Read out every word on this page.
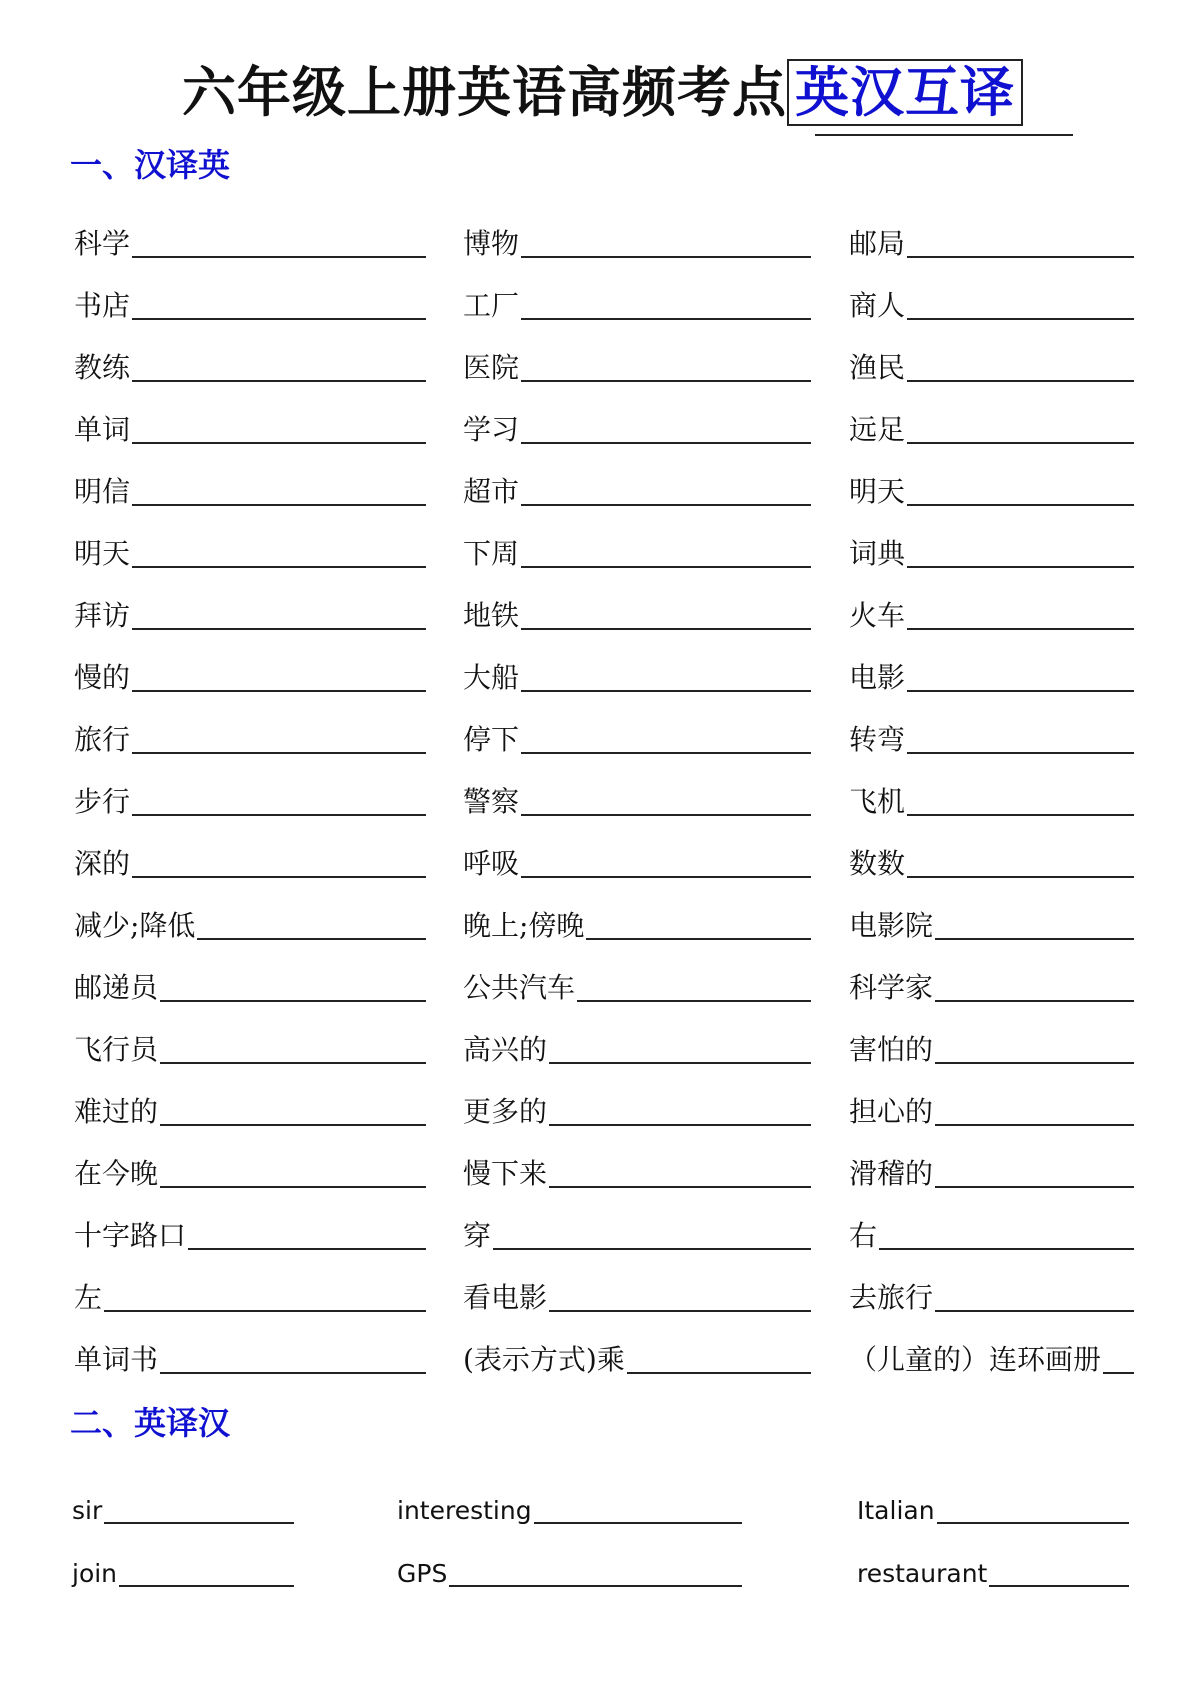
六年级上册英语高频考点 英汉互译
一、汉译英
科学	博物	邮局
书店	工厂	商人
教练	医院	渔民
单词	学习	远足
明信	超市	明天
明天	下周	词典
拜访	地铁	火车
慢的	大船	电影
旅行	停下	转弯
步行	警察	飞机
深的	呼吸	数数
减少;降低	晚上;傍晚	电影院
邮递员	公共汽车	科学家
飞行员	高兴的	害怕的
难过的	更多的	担心的
在今晚	慢下来	滑稽的
十字路口	穿	右
左	看电影	去旅行
单词书	(表示方式)乘	（儿童的）连环画册
二、英译汉
sir	interesting	Italian
join	GPS	restaurant
